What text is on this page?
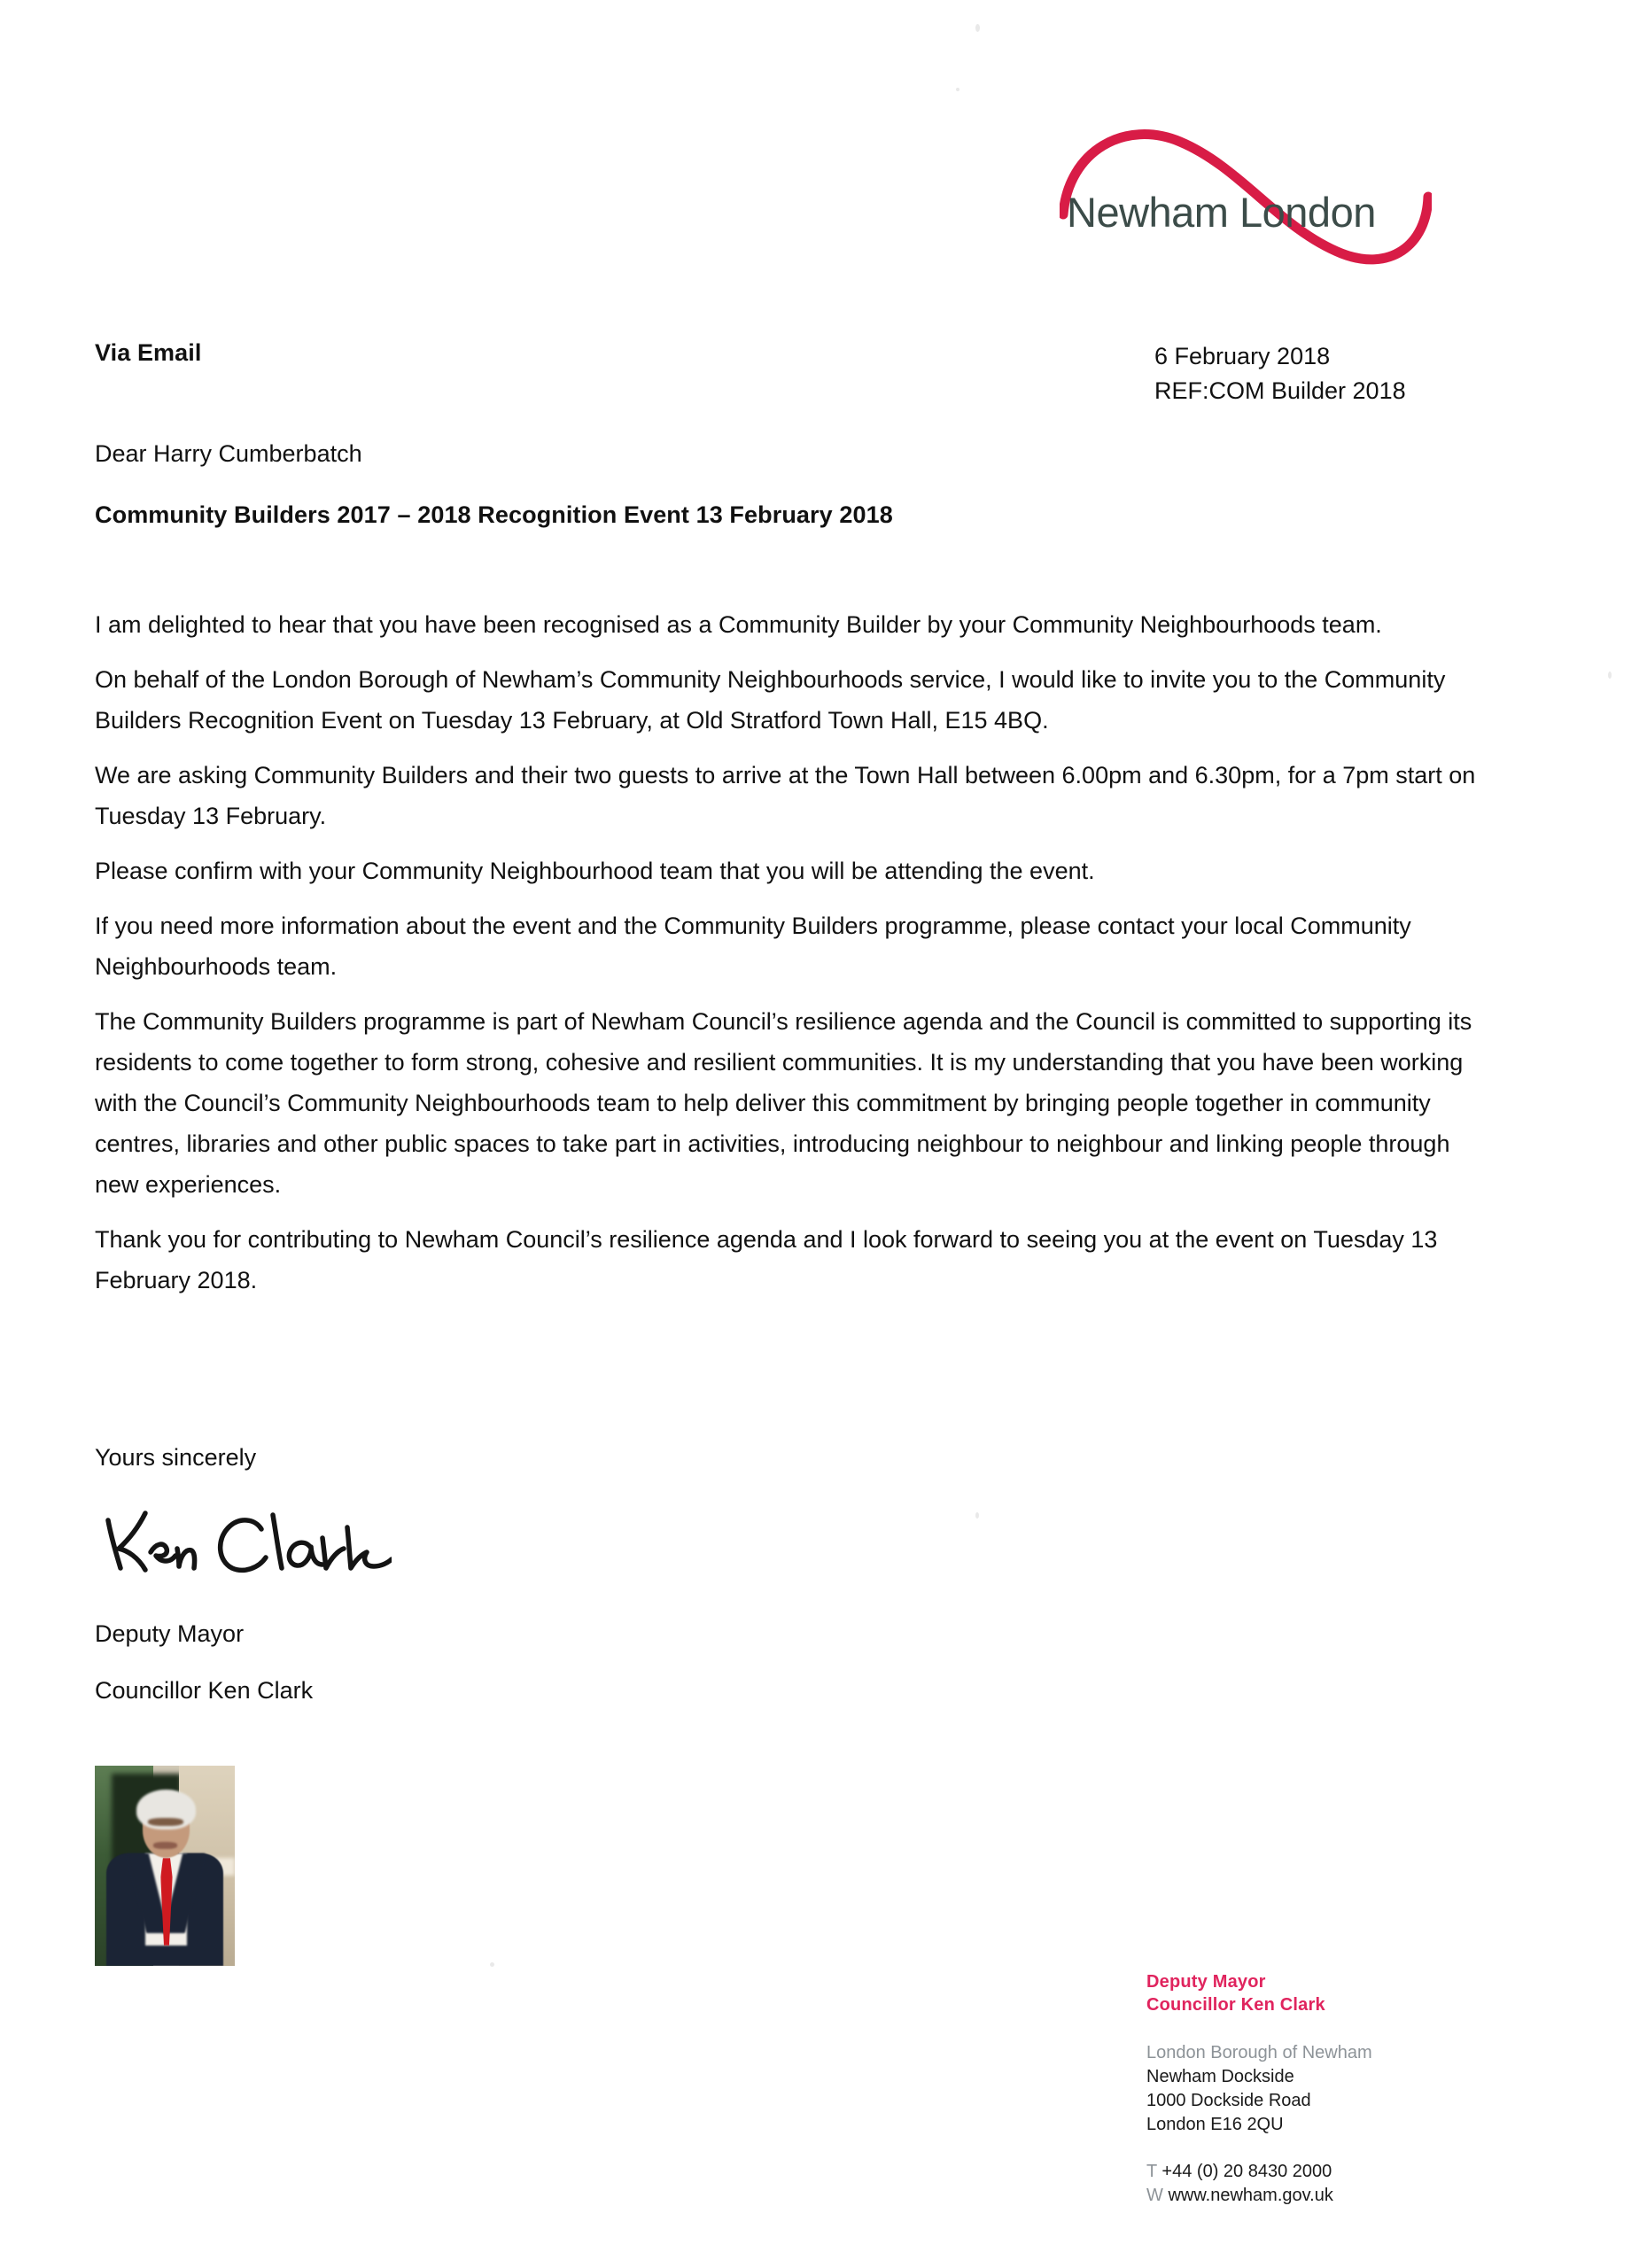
Newham London
Via Email	6 February 2018
REF:COM Builder 2018
Dear Harry Cumberbatch
Community Builders 2017 – 2018 Recognition Event 13 February 2018

I am delighted to hear that you have been recognised as a Community Builder by your Community Neighbourhoods team.

On behalf of the London Borough of Newham’s Community Neighbourhoods service, I would like to invite you to the Community Builders Recognition Event on Tuesday 13 February, at Old Stratford Town Hall, E15 4BQ.

We are asking Community Builders and their two guests to arrive at the Town Hall between 6.00pm and 6.30pm, for a 7pm start on Tuesday 13 February.

Please confirm with your Community Neighbourhood team that you will be attending the event.

If you need more information about the event and the Community Builders programme, please contact your local Community Neighbourhoods team.

The Community Builders programme is part of Newham Council’s resilience agenda and the Council is committed to supporting its residents to come together to form strong, cohesive and resilient communities. It is my understanding that you have been working with the Council’s Community Neighbourhoods team to help deliver this commitment by bringing people together in community centres, libraries and other public spaces to take part in activities, introducing neighbour to neighbour and linking people through new experiences.

Thank you for contributing to Newham Council’s resilience agenda and I look forward to seeing you at the event on Tuesday 13 February 2018.

Yours sincerely
Deputy Mayor
Councillor Ken Clark
Deputy Mayor
Councillor Ken Clark
London Borough of Newham
Newham Dockside
1000 Dockside Road
London E16 2QU
T +44 (0) 20 8430 2000
W www.newham.gov.uk
